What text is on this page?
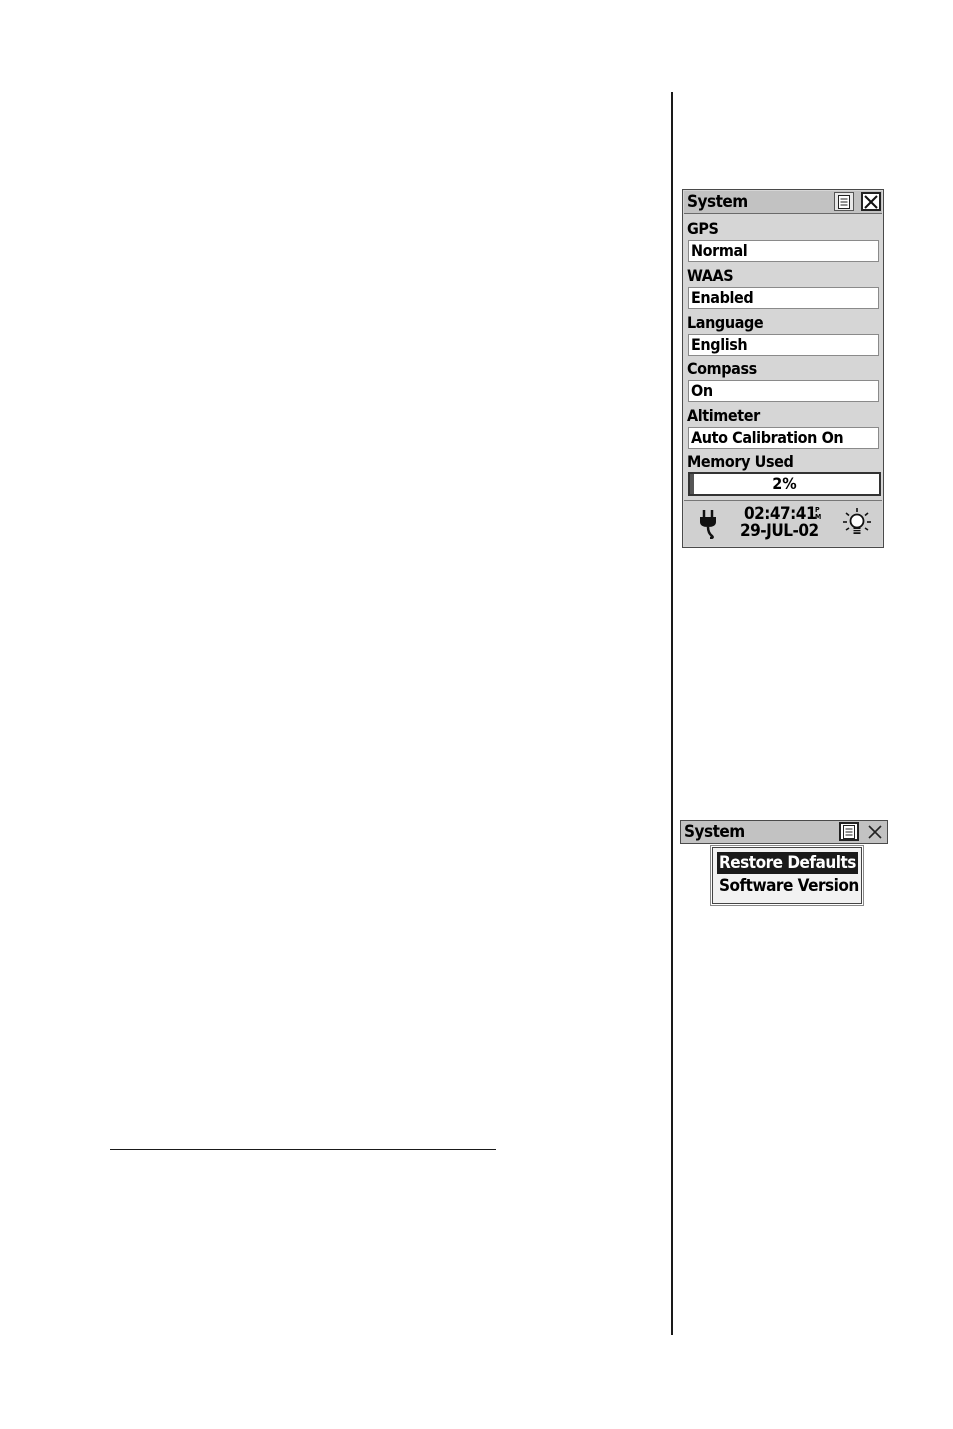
System
GPS
Normal
WAAS
Enabled
Language
English
Compass
On
Altimeter
Auto Calibration On
Memory Used
2%
02:47:41
P
M
29-JUL-02
System
Restore Defaults
Software Version
